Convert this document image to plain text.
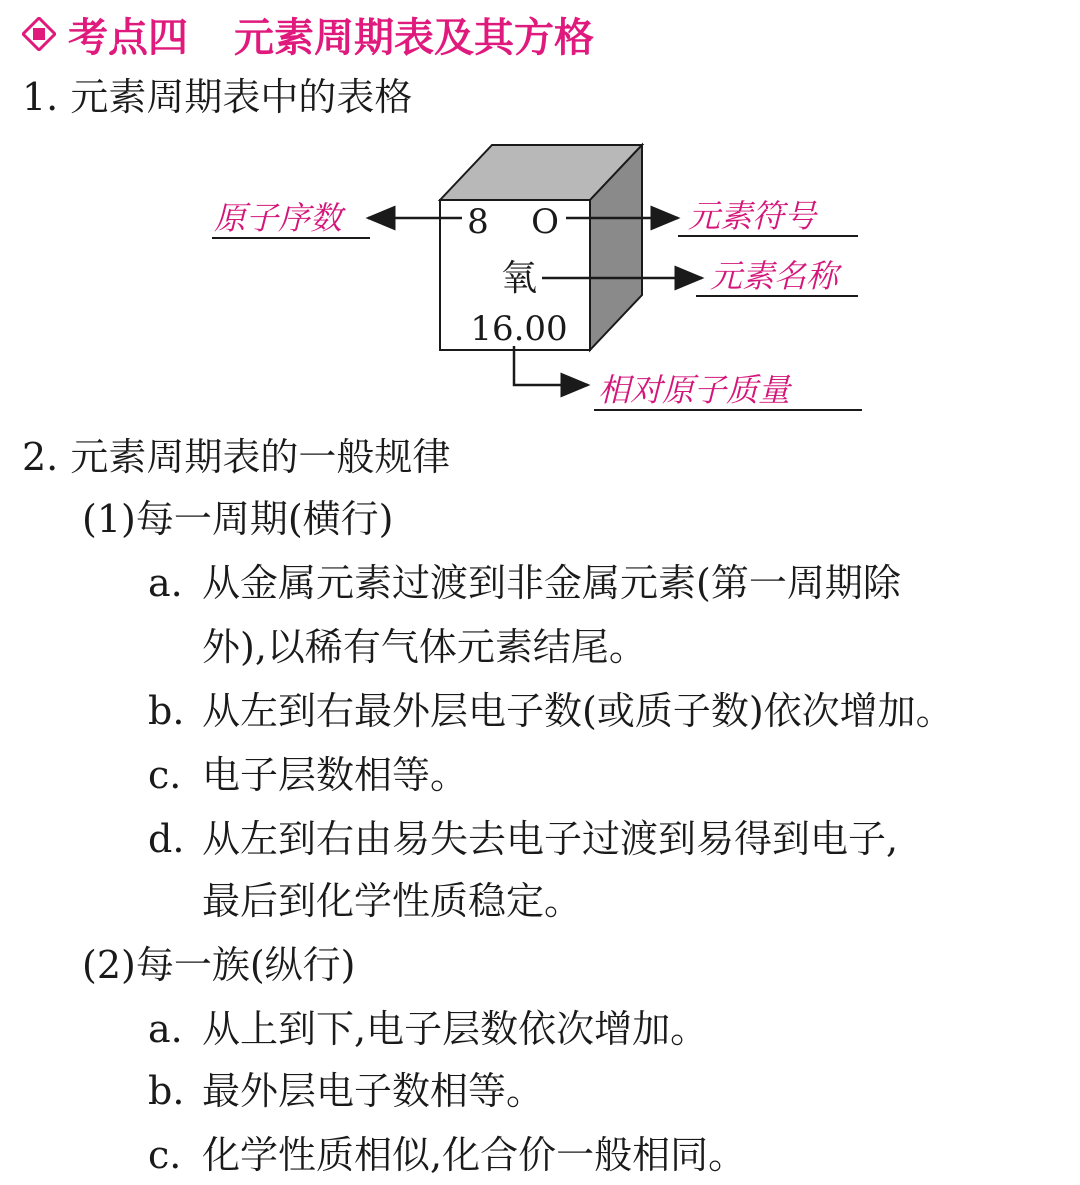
考点四 元素周期表及其方格
1. 元素周期表中的表格
8 O
氧
16.00
原子序数	元素符号
元素名称
相对原子质量
2. 元素周期表的一般规律
(1)每一周期(横行)
a. 从金属元素过渡到非金属元素(第一周期除
外),以稀有气体元素结尾。
b. 从左到右最外层电子数(或质子数)依次增加。
c. 电子层数相等。
d. 从左到右由易失去电子过渡到易得到电子,
最后到化学性质稳定。
(2)每一族(纵行)
a. 从上到下,电子层数依次增加。
b. 最外层电子数相等。
c. 化学性质相似,化合价一般相同。
